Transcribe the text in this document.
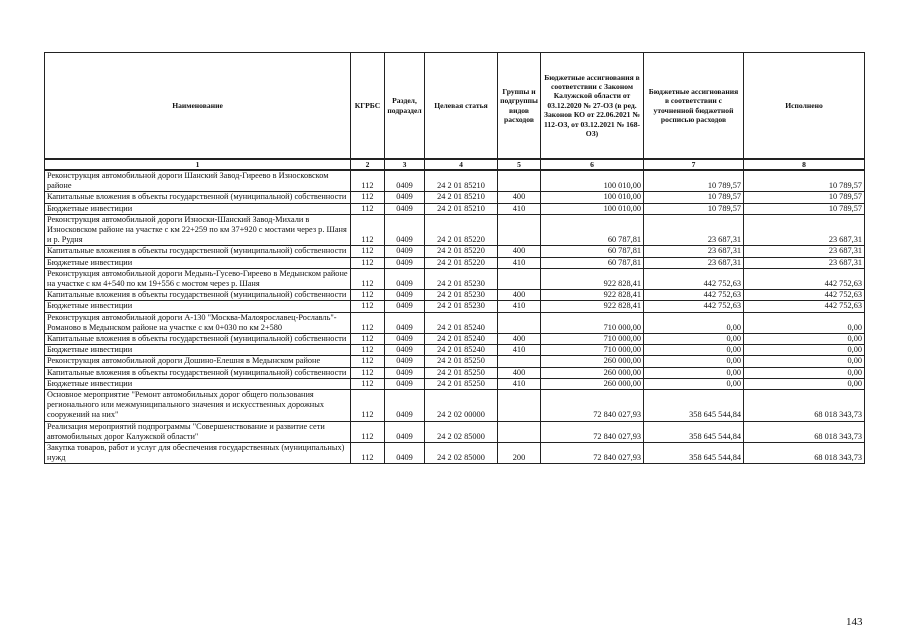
Наименование	КГРБС	Раздел, подраздел	Целевая статья	Группы и подгруппы видов расходов	Бюджетные ассигнования в соответствии с Законом Калужской области от 03.12.2020 № 27-ОЗ (в ред. Законов КО от 22.06.2021 № 112-ОЗ, от 03.12.2021 № 168-ОЗ)	Бюджетные ассигнования в соответствии с уточненной бюджетной росписью расходов	Исполнено
1	2	3	4	5	6	7	8
Реконструкция автомобильной дороги Шанский Завод-Гиреево в Износковском районе	112	0409	24 2 01 85210		100 010,00	10 789,57	10 789,57
Капитальные вложения в объекты государственной (муниципальной) собственности	112	0409	24 2 01 85210	400	100 010,00	10 789,57	10 789,57
Бюджетные инвестиции	112	0409	24 2 01 85210	410	100 010,00	10 789,57	10 789,57
Реконструкция автомобильной дороги Износки-Шанский Завод-Михали в Износковском районе на участке с км 22+259 по км 37+920 с мостами через р. Шаня и р. Рудня	112	0409	24 2 01 85220		60 787,81	23 687,31	23 687,31
Капитальные вложения в объекты государственной (муниципальной) собственности	112	0409	24 2 01 85220	400	60 787,81	23 687,31	23 687,31
Бюджетные инвестиции	112	0409	24 2 01 85220	410	60 787,81	23 687,31	23 687,31
Реконструкция автомобильной дороги Медынь-Гусево-Гиреево в Медынском районе на участке с км 4+540 по км 19+556 с мостом через р. Шаня	112	0409	24 2 01 85230		922 828,41	442 752,63	442 752,63
Капитальные вложения в объекты государственной (муниципальной) собственности	112	0409	24 2 01 85230	400	922 828,41	442 752,63	442 752,63
Бюджетные инвестиции	112	0409	24 2 01 85230	410	922 828,41	442 752,63	442 752,63
Реконструкция автомобильной дороги А-130 "Москва-Малоярославец-Рославль"-Романово в Медынском районе на участке с км 0+030 по км 2+580	112	0409	24 2 01 85240		710 000,00	0,00	0,00
Капитальные вложения в объекты государственной (муниципальной) собственности	112	0409	24 2 01 85240	400	710 000,00	0,00	0,00
Бюджетные инвестиции	112	0409	24 2 01 85240	410	710 000,00	0,00	0,00
Реконструкция автомобильной дороги Дошино-Елешня в Медынском районе	112	0409	24 2 01 85250		260 000,00	0,00	0,00
Капитальные вложения в объекты государственной (муниципальной) собственности	112	0409	24 2 01 85250	400	260 000,00	0,00	0,00
Бюджетные инвестиции	112	0409	24 2 01 85250	410	260 000,00	0,00	0,00
Основное мероприятие "Ремонт автомобильных дорог общего пользования регионального или межмуниципального значения и искусственных дорожных сооружений на них"	112	0409	24 2 02 00000		72 840 027,93	358 645 544,84	68 018 343,73
Реализация мероприятий подпрограммы "Совершенствование и развитие сети автомобильных дорог Калужской области"	112	0409	24 2 02 85000		72 840 027,93	358 645 544,84	68 018 343,73
Закупка товаров, работ и услуг для обеспечения государственных (муниципальных) нужд	112	0409	24 2 02 85000	200	72 840 027,93	358 645 544,84	68 018 343,73
143
